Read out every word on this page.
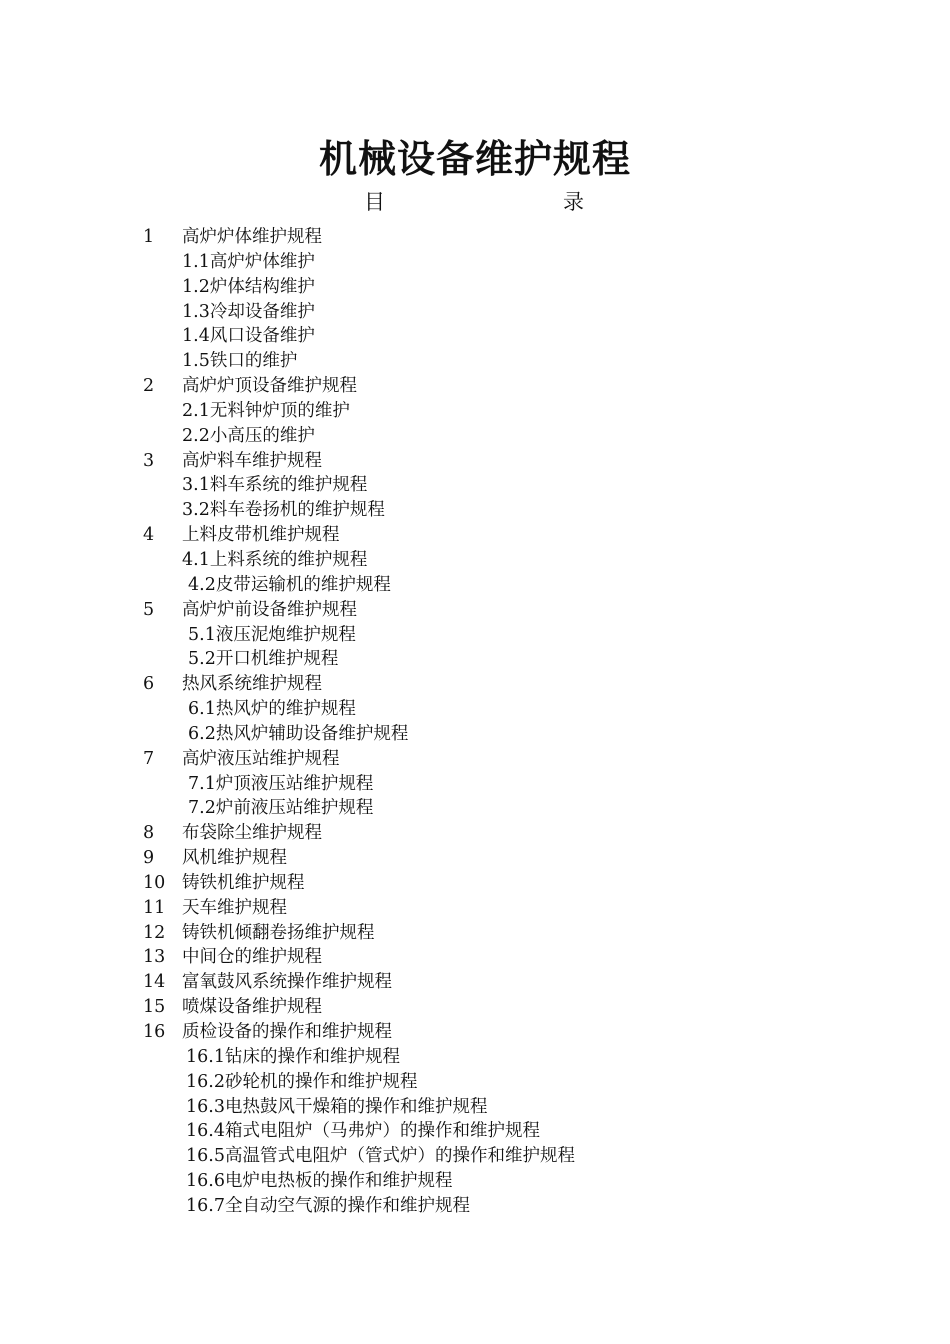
机械设备维护规程
目	录
1 高炉炉体维护规程
1.1高炉炉体维护
1.2炉体结构维护
1.3冷却设备维护
1.4风口设备维护
1.5铁口的维护
2 高炉炉顶设备维护规程
2.1无料钟炉顶的维护
2.2小高压的维护
3 高炉料车维护规程
3.1料车系统的维护规程
3.2料车卷扬机的维护规程
4 上料皮带机维护规程
4.1上料系统的维护规程
4.2皮带运输机的维护规程
5 高炉炉前设备维护规程
5.1液压泥炮维护规程
5.2开口机维护规程
6 热风系统维护规程
6.1热风炉的维护规程
6.2热风炉辅助设备维护规程
7 高炉液压站维护规程
7.1炉顶液压站维护规程
7.2炉前液压站维护规程
8 布袋除尘维护规程
9 风机维护规程
10 铸铁机维护规程
11 天车维护规程
12 铸铁机倾翻卷扬维护规程
13 中间仓的维护规程
14 富氧鼓风系统操作维护规程
15 喷煤设备维护规程
16 质检设备的操作和维护规程
16.1钻床的操作和维护规程
16.2砂轮机的操作和维护规程
16.3电热鼓风干燥箱的操作和维护规程
16.4箱式电阻炉（马弗炉）的操作和维护规程
16.5高温管式电阻炉（管式炉）的操作和维护规程
16.6电炉电热板的操作和维护规程
16.7全自动空气源的操作和维护规程
